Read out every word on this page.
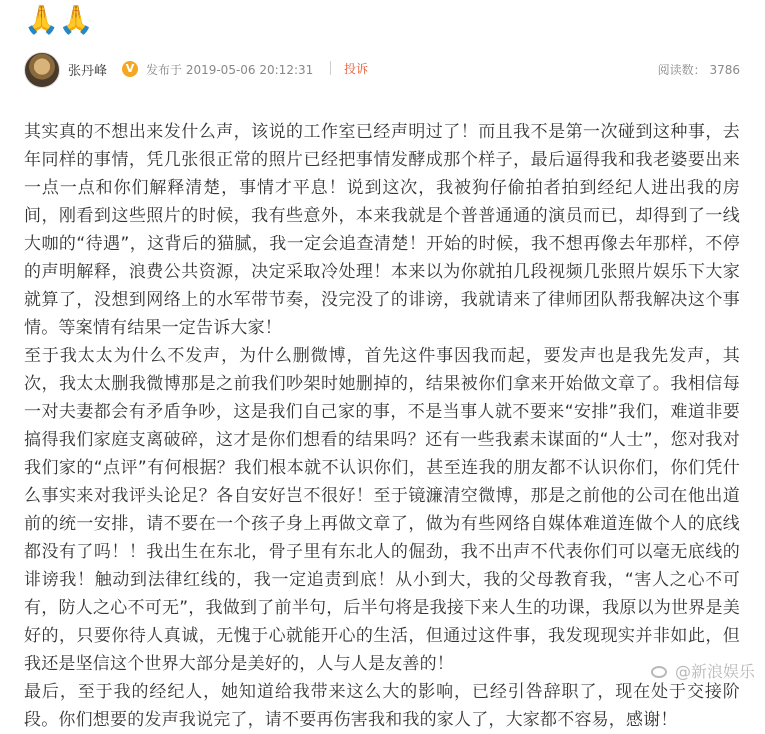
🙏 🙏
张丹峰	V 发布于 2019-05-06 20:12:31	投诉	阅读数： 3786

其实真的不想出来发什么声，该说的工作室已经声明过了！而且我不是第一次碰到这种事，去年同样的事情，凭几张很正常的照片已经把事情发酵成那个样子，最后逼得我和我老婆要出来一点一点和你们解释清楚，事情才平息！说到这次，我被狗仔偷拍者拍到经纪人进出我的房间，刚看到这些照片的时候，我有些意外，本来我就是个普普通通的演员而已，却得到了一线大咖的“待遇”，这背后的猫腻，我一定会追查清楚！开始的时候，我不想再像去年那样，不停的声明解释，浪费公共资源，决定采取冷处理！本来以为你就拍几段视频几张照片娱乐下大家就算了，没想到网络上的水军带节奏，没完没了的诽谤，我就请来了律师团队帮我解决这个事情。等案情有结果一定告诉大家！

至于我太太为什么不发声，为什么删微博，首先这件事因我而起，要发声也是我先发声，其次，我太太删我微博那是之前我们吵架时她删掉的，结果被你们拿来开始做文章了。我相信每一对夫妻都会有矛盾争吵，这是我们自己家的事，不是当事人就不要来“安排”我们，难道非要搞得我们家庭支离破碎，这才是你们想看的结果吗？还有一些我素未谋面的“人士”，您对我对我们家的“点评”有何根据？我们根本就不认识你们，甚至连我的朋友都不认识你们，你们凭什么事实来对我评头论足？各自安好岂不很好！至于镜濂清空微博，那是之前他的公司在他出道前的统一安排，请不要在一个孩子身上再做文章了，做为有些网络自媒体难道连做个人的底线都没有了吗！！我出生在东北，骨子里有东北人的倔劲，我不出声不代表你们可以毫无底线的诽谤我！触动到法律红线的，我一定追责到底！从小到大，我的父母教育我，“害人之心不可有，防人之心不可无”，我做到了前半句，后半句将是我接下来人生的功课，我原以为世界是美好的，只要你待人真诚，无愧于心就能开心的生活，但通过这件事，我发现现实并非如此，但我还是坚信这个世界大部分是美好的，人与人是友善的！

最后，至于我的经纪人，她知道给我带来这么大的影响，已经引咎辞职了，现在处于交接阶段。你们想要的发声我说完了，请不要再伤害我和我的家人了，大家都不容易，感谢！

@新浪娱乐
